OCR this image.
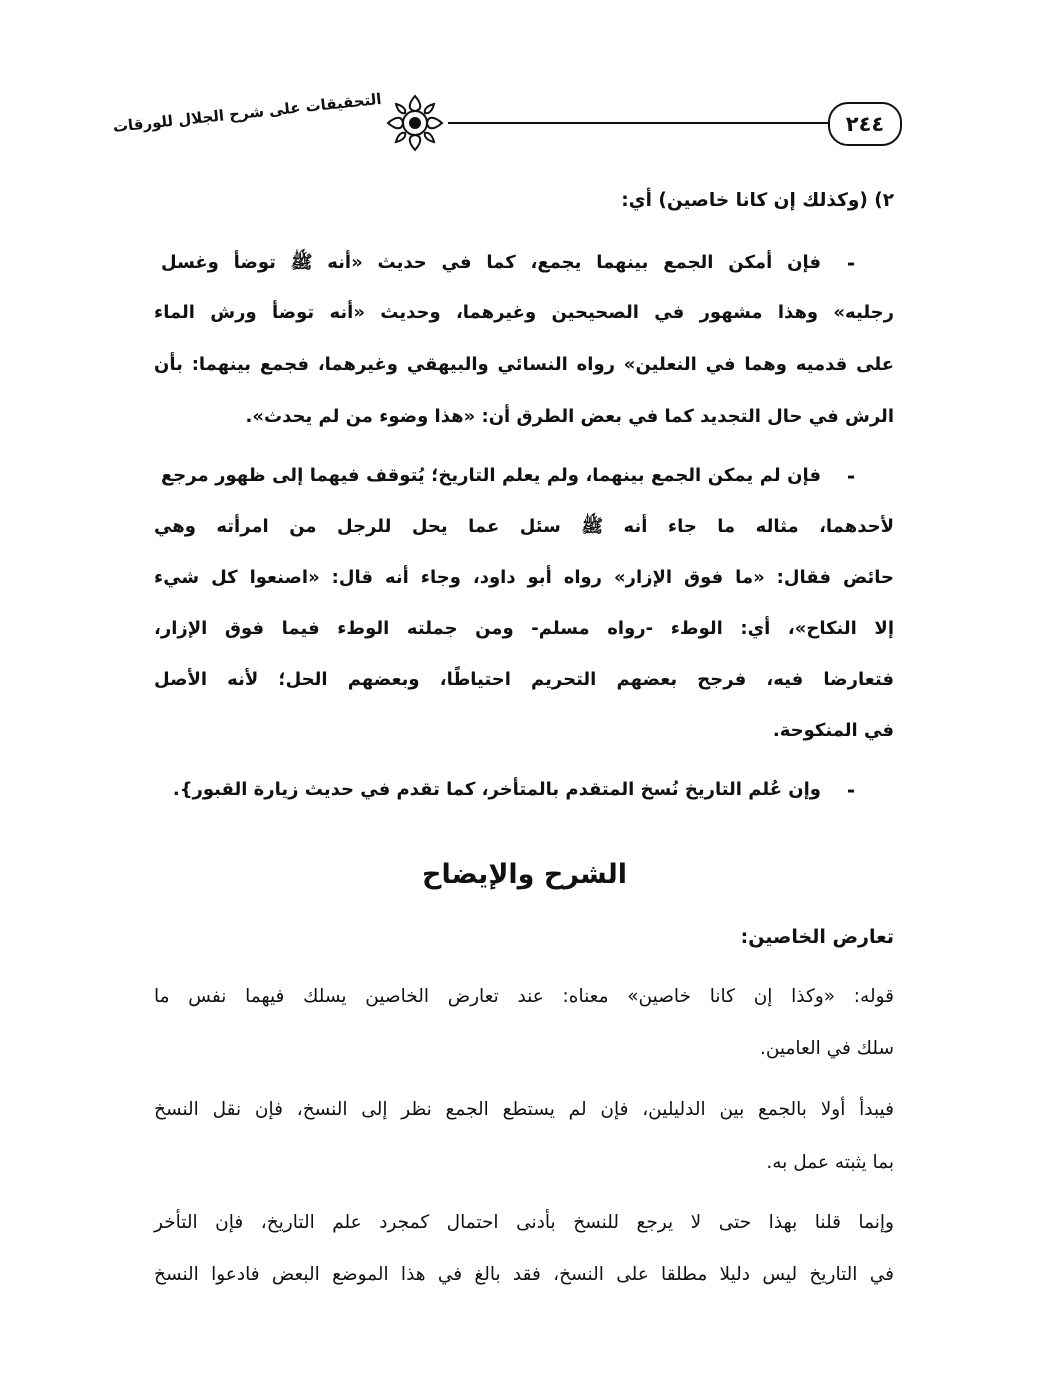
٢٤٤
التحقيقات على شرح الجلال للورقات
٢) (وكذلك إن كانا خاصين) أي:
-
فإن أمكن الجمع بينهما يجمع، كما في حديث «أنه ﷺ توضأ وغسل
رجليه» وهذا مشهور في الصحيحين وغيرهما، وحديث «أنه توضأ ورش الماء
على قدميه وهما في النعلين» رواه النسائي والبيهقي وغيرهما، فجمع بينهما: بأن
الرش في حال التجديد كما في بعض الطرق أن: «هذا وضوء من لم يحدث».
-
فإن لم يمكن الجمع بينهما، ولم يعلم التاريخ؛ يُتوقف فيهما إلى ظهور مرجع
لأحدهما، مثاله ما جاء أنه ﷺ سئل عما يحل للرجل من امرأته وهي
حائض فقال: «ما فوق الإزار» رواه أبو داود، وجاء أنه قال: «اصنعوا كل شيء
إلا النكاح»، أي: الوطء -رواه مسلم- ومن جملته الوطء فيما فوق الإزار،
فتعارضا فيه، فرجح بعضهم التحريم احتياطًا، وبعضهم الحل؛ لأنه الأصل
في المنكوحة.
-
وإن عُلم التاريخ نُسخ المتقدم بالمتأخر، كما تقدم في حديث زيارة القبور}.
الشرح والإيضاح
تعارض الخاصين:
قوله: «وكذا إن كانا خاصين» معناه: عند تعارض الخاصين يسلك فيهما نفس ما
سلك في العامين.
فيبدأ أولا بالجمع بين الدليلين، فإن لم يستطع الجمع نظر إلى النسخ، فإن نقل النسخ
بما يثبته عمل به.
وإنما قلنا بهذا حتى لا يرجع للنسخ بأدنى احتمال كمجرد علم التاريخ، فإن التأخر
في التاريخ ليس دليلا مطلقا على النسخ، فقد بالغ في هذا الموضع البعض فادعوا النسخ
